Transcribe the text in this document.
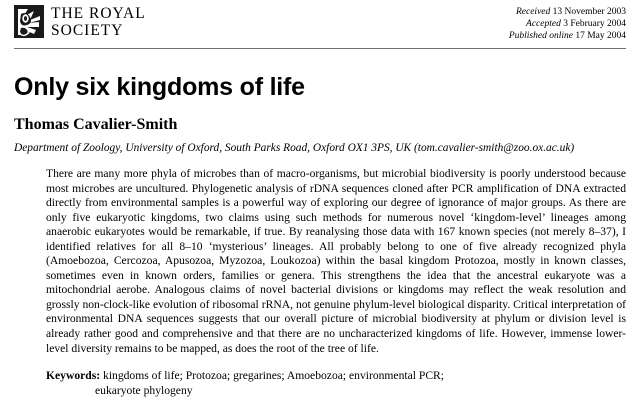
THE ROYAL
SOCIETY
Received 13 November 2003
Accepted 3 February 2004
Published online 17 May 2004
Only six kingdoms of life
Thomas Cavalier-Smith
Department of Zoology, University of Oxford, South Parks Road, Oxford OX1 3PS, UK (tom.cavalier-smith@zoo.ox.ac.uk)
There are many more phyla of microbes than of macro-organisms, but microbial biodiversity is poorly understood because most microbes are uncultured. Phylogenetic analysis of rDNA sequences cloned after PCR amplification of DNA extracted directly from environmental samples is a powerful way of exploring our degree of ignorance of major groups. As there are only five eukaryotic kingdoms, two claims using such methods for numerous novel ‘kingdom-level’ lineages among anaerobic eukaryotes would be remarkable, if true. By reanalysing those data with 167 known species (not merely 8–37), I identified relatives for all 8–10 ‘mysterious’ lineages. All probably belong to one of five already recognized phyla (Amoebozoa, Cercozoa, Apusozoa, Myzozoa, Loukozoa) within the basal kingdom Protozoa, mostly in known classes, sometimes even in known orders, families or genera. This strengthens the idea that the ancestral eukaryote was a mitochondrial aerobe. Analogous claims of novel bacterial divisions or kingdoms may reflect the weak resolution and grossly non-clock-like evolution of ribosomal rRNA, not genuine phylum-level biological disparity. Critical interpretation of environmental DNA sequences suggests that our overall picture of microbial biodiversity at phylum or division level is already rather good and comprehensive and that there are no uncharacterized kingdoms of life. However, immense lower-level diversity remains to be mapped, as does the root of the tree of life.
Keywords: kingdoms of life; Protozoa; gregarines; Amoebozoa; environmental PCR;
eukaryote phylogeny
